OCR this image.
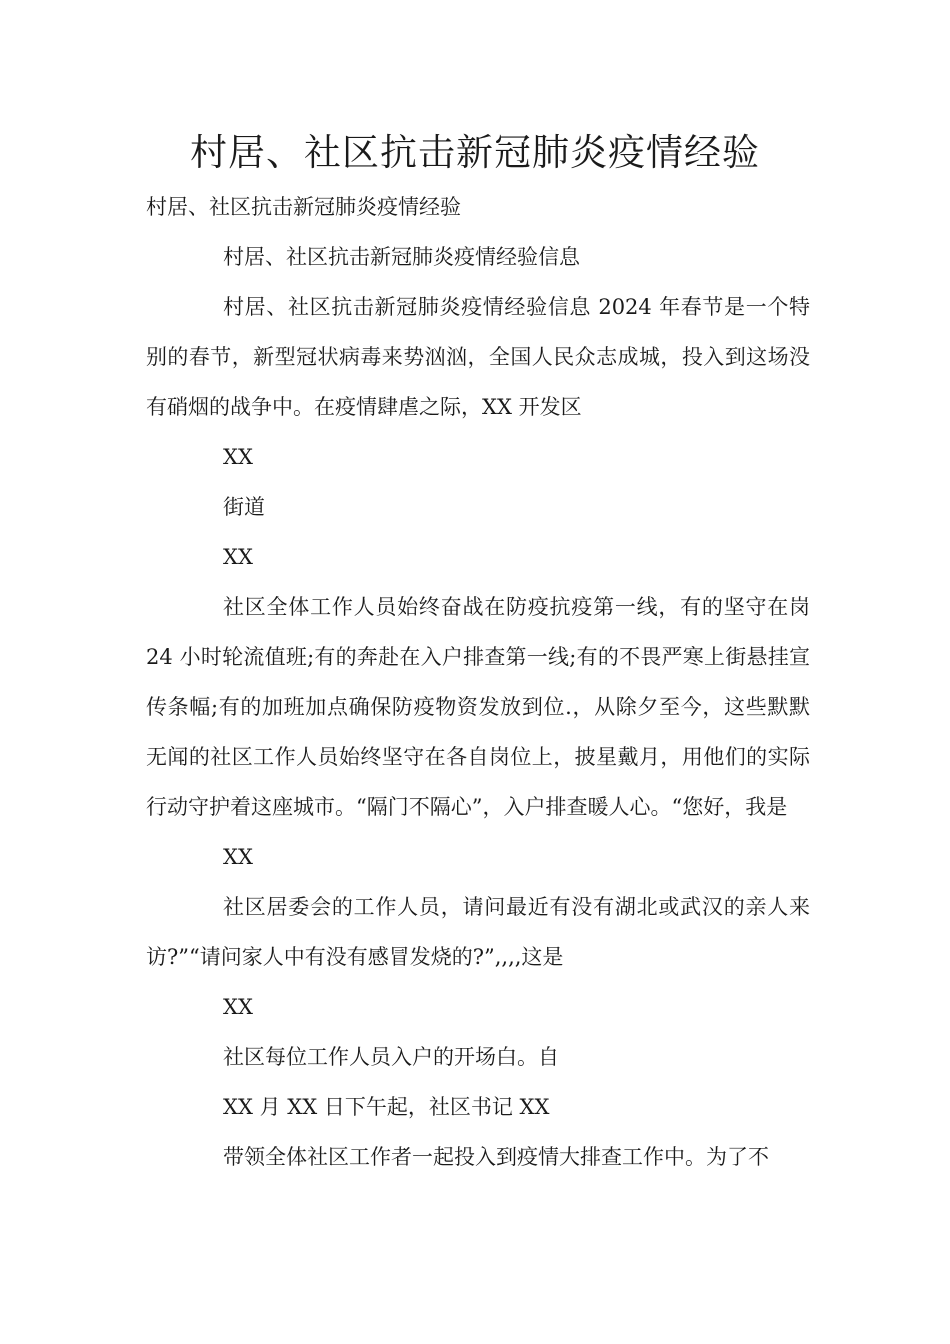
村居、社区抗击新冠肺炎疫情经验

村居、社区抗击新冠肺炎疫情经验

村居、社区抗击新冠肺炎疫情经验信息

村居、社区抗击新冠肺炎疫情经验信息 2024 年春节是一个特别的春节，新型冠状病毒来势汹汹，全国人民众志成城，投入到这场没有硝烟的战争中。在疫情肆虐之际，XX 开发区

XX

街道

XX

社区全体工作人员始终奋战在防疫抗疫第一线，有的坚守在岗24 小时轮流值班;有的奔赴在入户排查第一线;有的不畏严寒上街悬挂宣传条幅;有的加班加点确保防疫物资发放到位.，从除夕至今，这些默默无闻的社区工作人员始终坚守在各自岗位上，披星戴月，用他们的实际行动守护着这座城市。“隔门不隔心”，入户排查暖人心。“您好，我是

XX

社区居委会的工作人员，请问最近有没有湖北或武汉的亲人来访?”“请问家人中有没有感冒发烧的?”,,,,这是

XX

社区每位工作人员入户的开场白。自

XX 月 XX 日下午起，社区书记 XX

带领全体社区工作者一起投入到疫情大排查工作中。为了不
